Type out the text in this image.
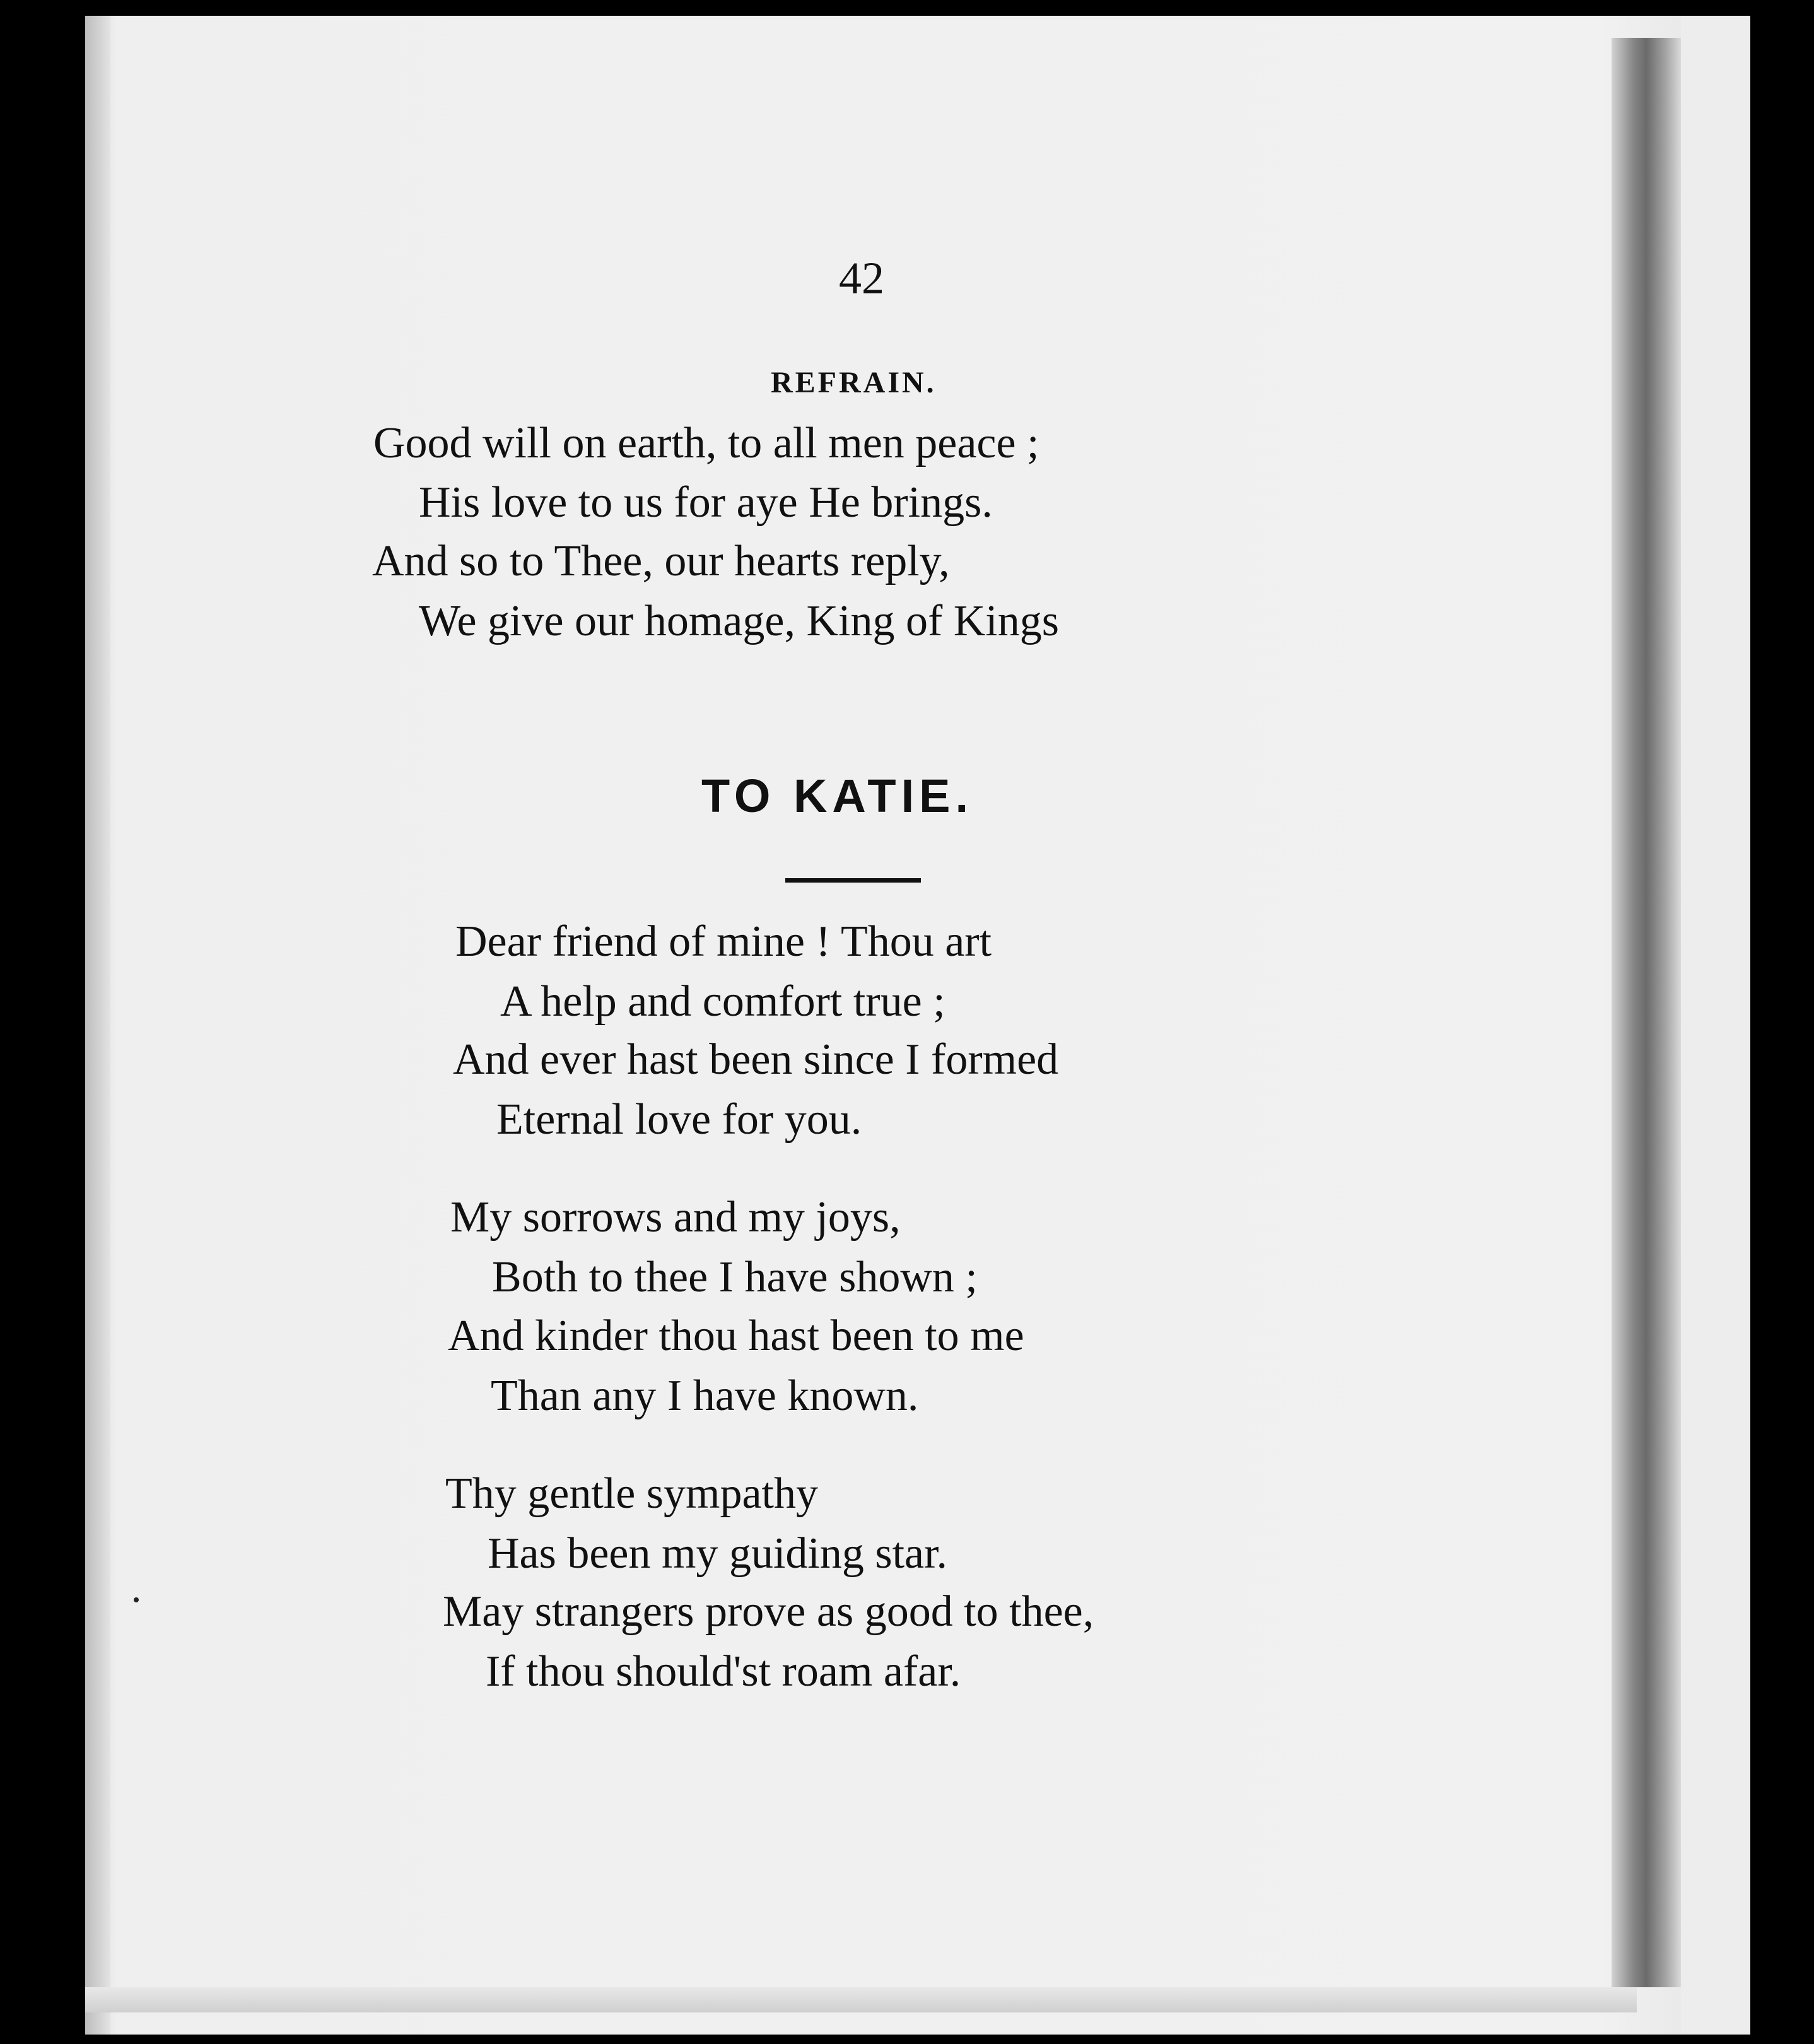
42
REFRAIN.
Good will on earth, to all men peace ;
His love to us for aye He brings.
And so to Thee, our hearts reply,
We give our homage, King of Kings
TO KATIE.
Dear friend of mine ! Thou art
A help and comfort true ;
And ever hast been since I formed
Eternal love for you.
My sorrows and my joys,
Both to thee I have shown ;
And kinder thou hast been to me
Than any I have known.
Thy gentle sympathy
Has been my guiding star.
May strangers prove as good to thee,
If thou should'st roam afar.
